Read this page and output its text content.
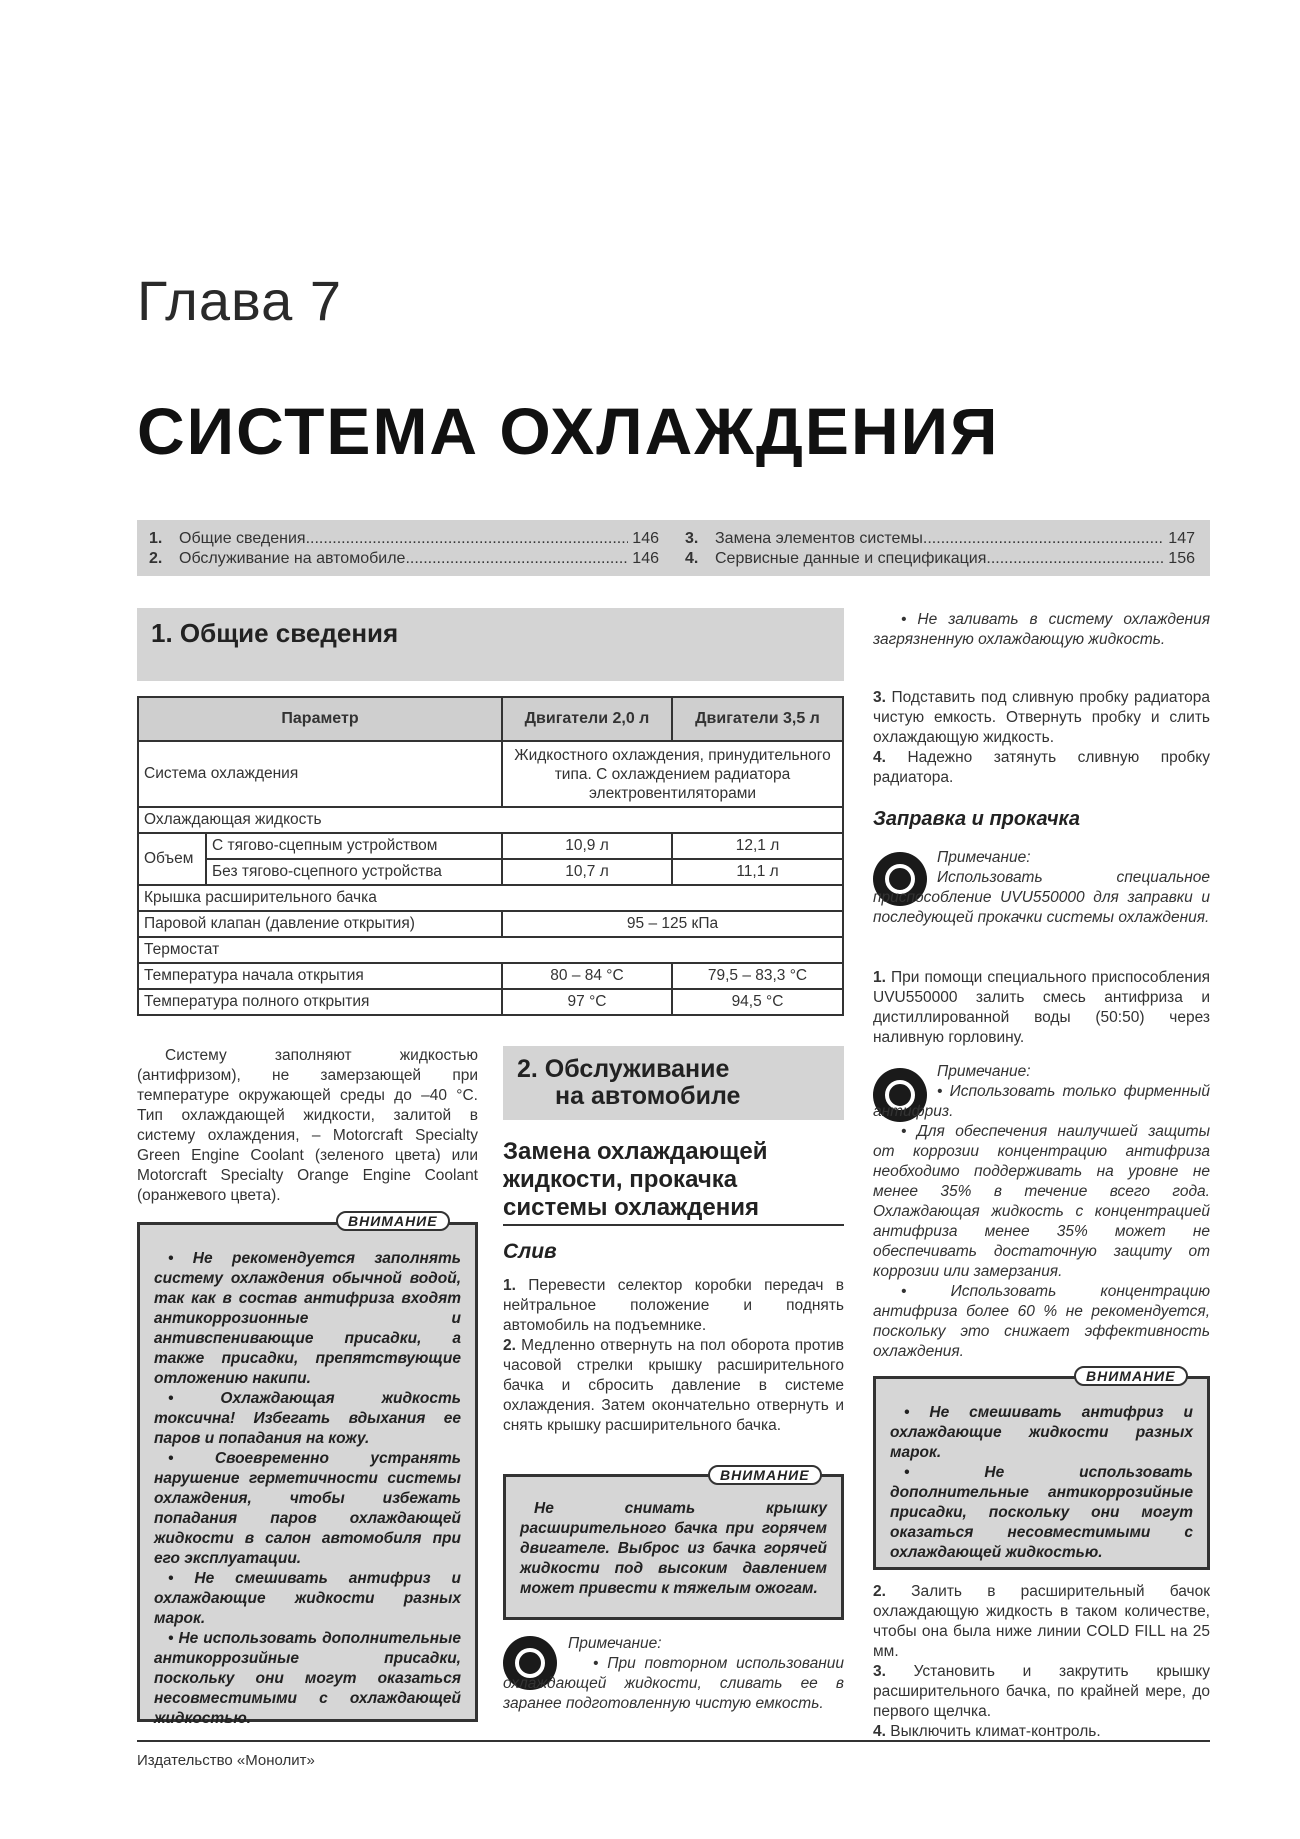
Глава 7
СИСТЕМА ОХЛАЖДЕНИЯ
1.	Общие сведения .....	146
2.	Обслуживание на автомобиле .....	146
3.	Замена элементов системы .....	147
4.	Сервисные данные и спецификация .....	156
1. Общие сведения
Параметр		Двигатели 2,0 л	Двигатели 3,5 л
Система охлаждения		Жидкостного охлаждения, принудительного типа. С охлаждением радиатора электровентиляторами	
Охлаждающая жидкость			
Объем	С тягово-сцепным устройством	10,9 л	12,1 л
	Без тягово-сцепного устройства	10,7 л	11,1 л
Крышка расширительного бачка			
Паровой клапан (давление открытия)		95 – 125 кПа	
Термостат			
Температура начала открытия		80 – 84 °С	79,5 – 83,3 °С
Температура полного открытия		97 °С	94,5 °С
Систему заполняют жидкостью (антифризом), не замерзающей при температуре окружающей среды до –40 °С. Тип охлаждающей жидкости, залитой в систему охлаждения, – Motorcraft Specialty Green Engine Coolant (зеленого цвета) или Motorcraft Specialty Orange Engine Coolant (оранжевого цвета).
• Не рекомендуется заполнять систему охлаждения обычной водой, так как в состав антифриза входят антикоррозионные и антивспенивающие присадки, а также присадки, препятствующие отложению накипи.
• Охлаждающая жидкость токсична! Избегать вдыхания ее паров и попадания на кожу.
• Своевременно устранять нарушение герметичности системы охлаждения, чтобы избежать попадания паров охлаждающей жидкости в салон автомобиля при его эксплуатации.
• Не смешивать антифриз и охлаждающие жидкости разных марок.
• Не использовать дополнительные антикоррозийные присадки, поскольку они могут оказаться несовместимыми с охлаждающей жидкостью.
ВНИМАНИЕ
2. Обслуживание
на автомобиле
Замена охлаждающей жидкости, прокачка системы охлаждения
Слив
1. Перевести селектор коробки передач в нейтральное положение и поднять автомобиль на подъемнике.
2. Медленно отвернуть на пол оборота против часовой стрелки крышку расширительного бачка и сбросить давление в системе охлаждения. Затем окончательно отвернуть и снять крышку расширительного бачка.
Не снимать крышку расширительного бачка при горячем двигателе. Выброс из бачка горячей жидкости под высоким давлением может привести к тяжелым ожогам.
ВНИМАНИЕ
Примечание:
• При повторном использовании охлаждающей жидкости, сливать ее в заранее подготовленную чистую емкость.
• Не заливать в систему охлаждения загрязненную охлаждающую жидкость.
3. Подставить под сливную пробку радиатора чистую емкость. Отвернуть пробку и слить охлаждающую жидкость.
4. Надежно затянуть сливную пробку радиатора.
Заправка и прокачка
Примечание:
Использовать специальное приспособление UVU550000 для заправки и последующей прокачки системы охлаждения.
1. При помощи специального приспособления UVU550000 залить смесь антифриза и дистиллированной воды (50:50) через наливную горловину.
Примечание:
• Использовать только фирменный антифриз.
• Для обеспечения наилучшей защиты от коррозии концентрацию антифриза необходимо поддерживать на уровне не менее 35% в течение всего года. Охлаждающая жидкость с концентрацией антифриза менее 35% может не обеспечивать достаточную защиту от коррозии или замерзания.
• Использовать концентрацию антифриза более 60 % не рекомендуется, поскольку это снижает эффективность охлаждения.
• Не смешивать антифриз и охлаждающие жидкости разных марок.
• Не использовать дополнительные антикоррозийные присадки, поскольку они могут оказаться несовместимыми с охлаждающей жидкостью.
ВНИМАНИЕ
2. Залить в расширительный бачок охлаждающую жидкость в таком количестве, чтобы она была ниже линии COLD FILL на 25 мм.
3. Установить и закрутить крышку расширительного бачка, по крайней мере, до первого щелчка.
4. Выключить климат-контроль.
Издательство «Монолит»
